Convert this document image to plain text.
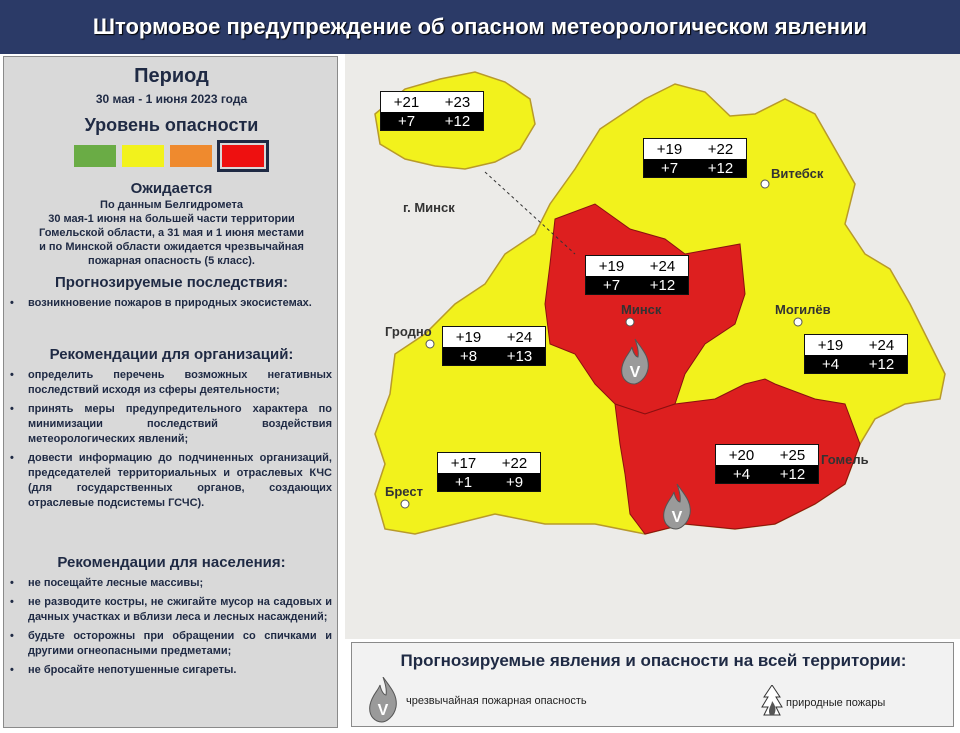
Штормовое предупреждение об опасном метеорологическом явлении
Период
30 мая - 1 июня 2023 года
Уровень опасности
Ожидается
По данным Белгидромета
30 мая-1 июня на большей части территории
Гомельской области, а 31 мая и 1 июня местами
и по Минской области ожидается чрезвычайная
пожарная опасность (5 класс).
Прогнозируемые последствия:
• возникновение пожаров в природных экосистемах.
Рекомендации для организаций:
• определить перечень возможных негативных последствий исходя из сферы деятельности;
• принять меры предупредительного характера по минимизации последствий воздействия метеорологических явлений;
• довести информацию до подчиненных организаций, председателей территориальных и отраслевых КЧС (для государственных органов, создающих отраслевые подсистемы ГСЧС).
Рекомендации для населения:
• не посещайте лесные массивы;
• не разводите костры, не сжигайте мусор на садовых и дачных участках и вблизи леса и лесных насаждений;
• будьте осторожны при обращении со спичками и другими огнеопасными предметами;
• не бросайте непотушенные сигареты.
V
V
г. Минск
Витебск
Минск
Гродно
Могилёв
Брест
Гомель
+21	+23
+7	+12
+19	+22
+7	+12
+19	+24
+7	+12
+19	+24
+8	+13
+19	+24
+4	+12
+17	+22
+1	+9
+20	+25
+4	+12
Прогнозируемые явления и опасности на всей территории:
V
чрезвычайная пожарная опасность	природные пожары
